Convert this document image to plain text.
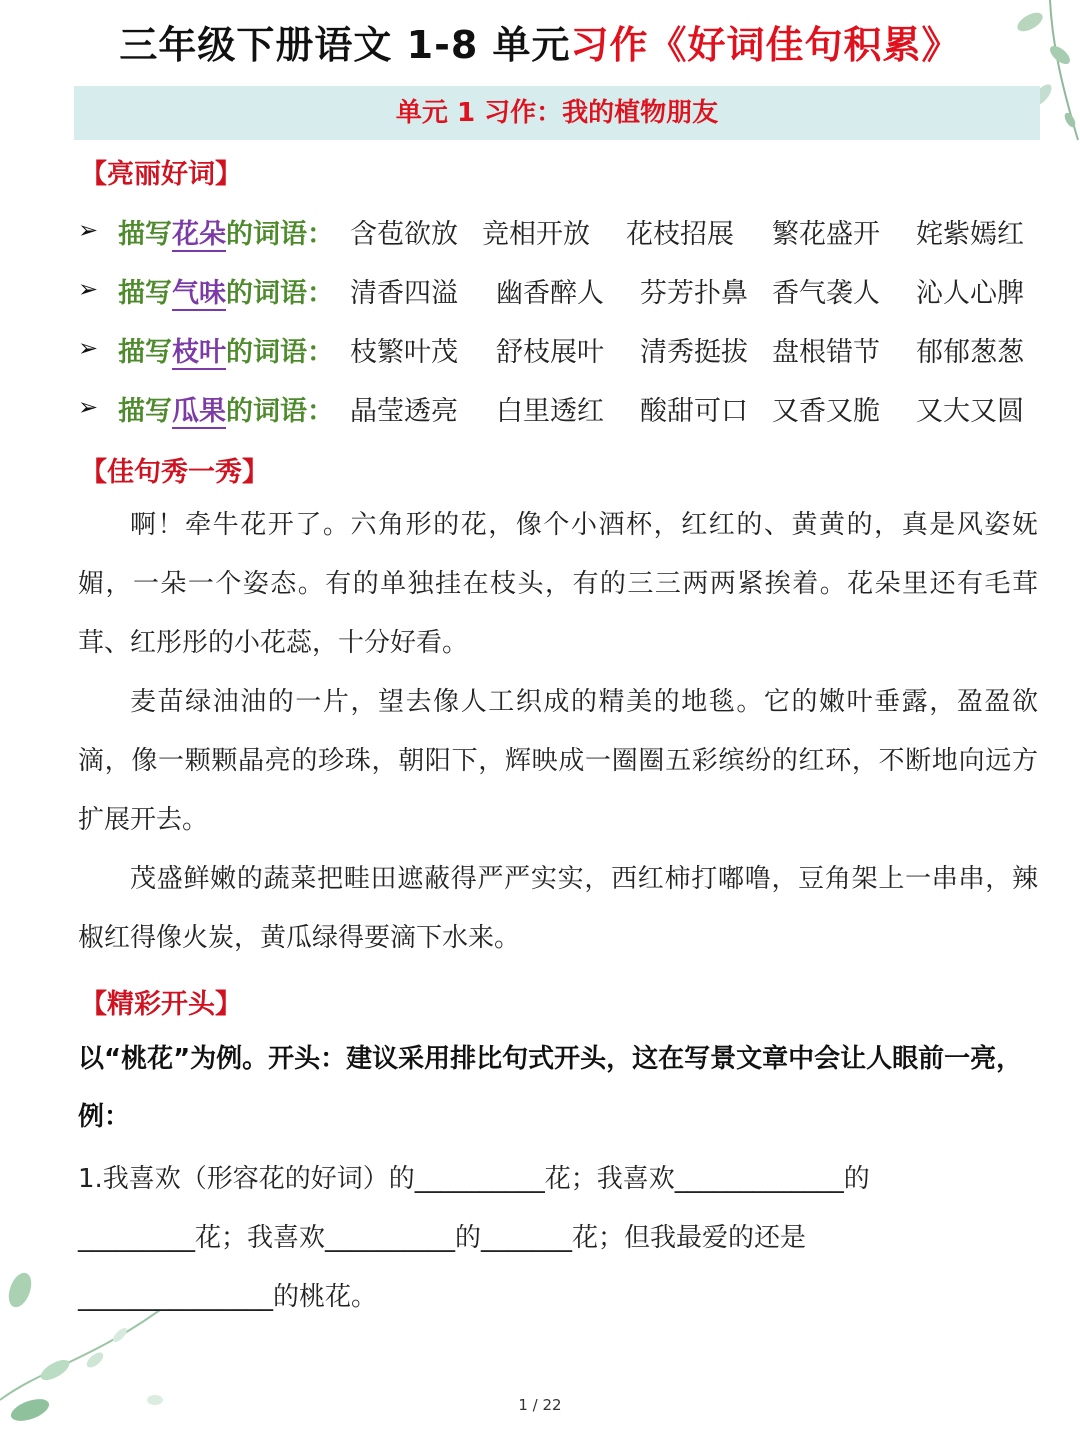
三年级下册语文 1-8 单元习作《好词佳句积累》
单元 1 习作：我的植物朋友
【亮丽好词】
➢ 描写花朵的词语： 含苞欲放 竞相开放 花枝招展 繁花盛开 姹紫嫣红
➢ 描写气味的词语： 清香四溢 幽香醉人 芬芳扑鼻 香气袭人 沁人心脾
➢ 描写枝叶的词语： 枝繁叶茂 舒枝展叶 清秀挺拔 盘根错节 郁郁葱葱
➢ 描写瓜果的词语： 晶莹透亮 白里透红 酸甜可口 又香又脆 又大又圆
【佳句秀一秀】

啊！牵牛花开了。六角形的花，像个小酒杯，红红的、黄黄的，真是风姿妩媚，一朵一个姿态。有的单独挂在枝头，有的三三两两紧挨着。花朵里还有毛茸茸、红彤彤的小花蕊，十分好看。

麦苗绿油油的一片，望去像人工织成的精美的地毯。它的嫩叶垂露，盈盈欲滴，像一颗颗晶亮的珍珠，朝阳下，辉映成一圈圈五彩缤纷的红环，不断地向远方扩展开去。

茂盛鲜嫩的蔬菜把畦田遮蔽得严严实实，西红柿打嘟噜，豆角架上一串串，辣椒红得像火炭，黄瓜绿得要滴下水来。

【精彩开头】

以“桃花”为例。开头：建议采用排比句式开头，这在写景文章中会让人眼前一亮，例：

1.我喜欢（形容花的好词）的__________花；我喜欢_____________的
_________花；我喜欢__________的_______花；但我最爱的还是
_______________的桃花。
1 / 22
